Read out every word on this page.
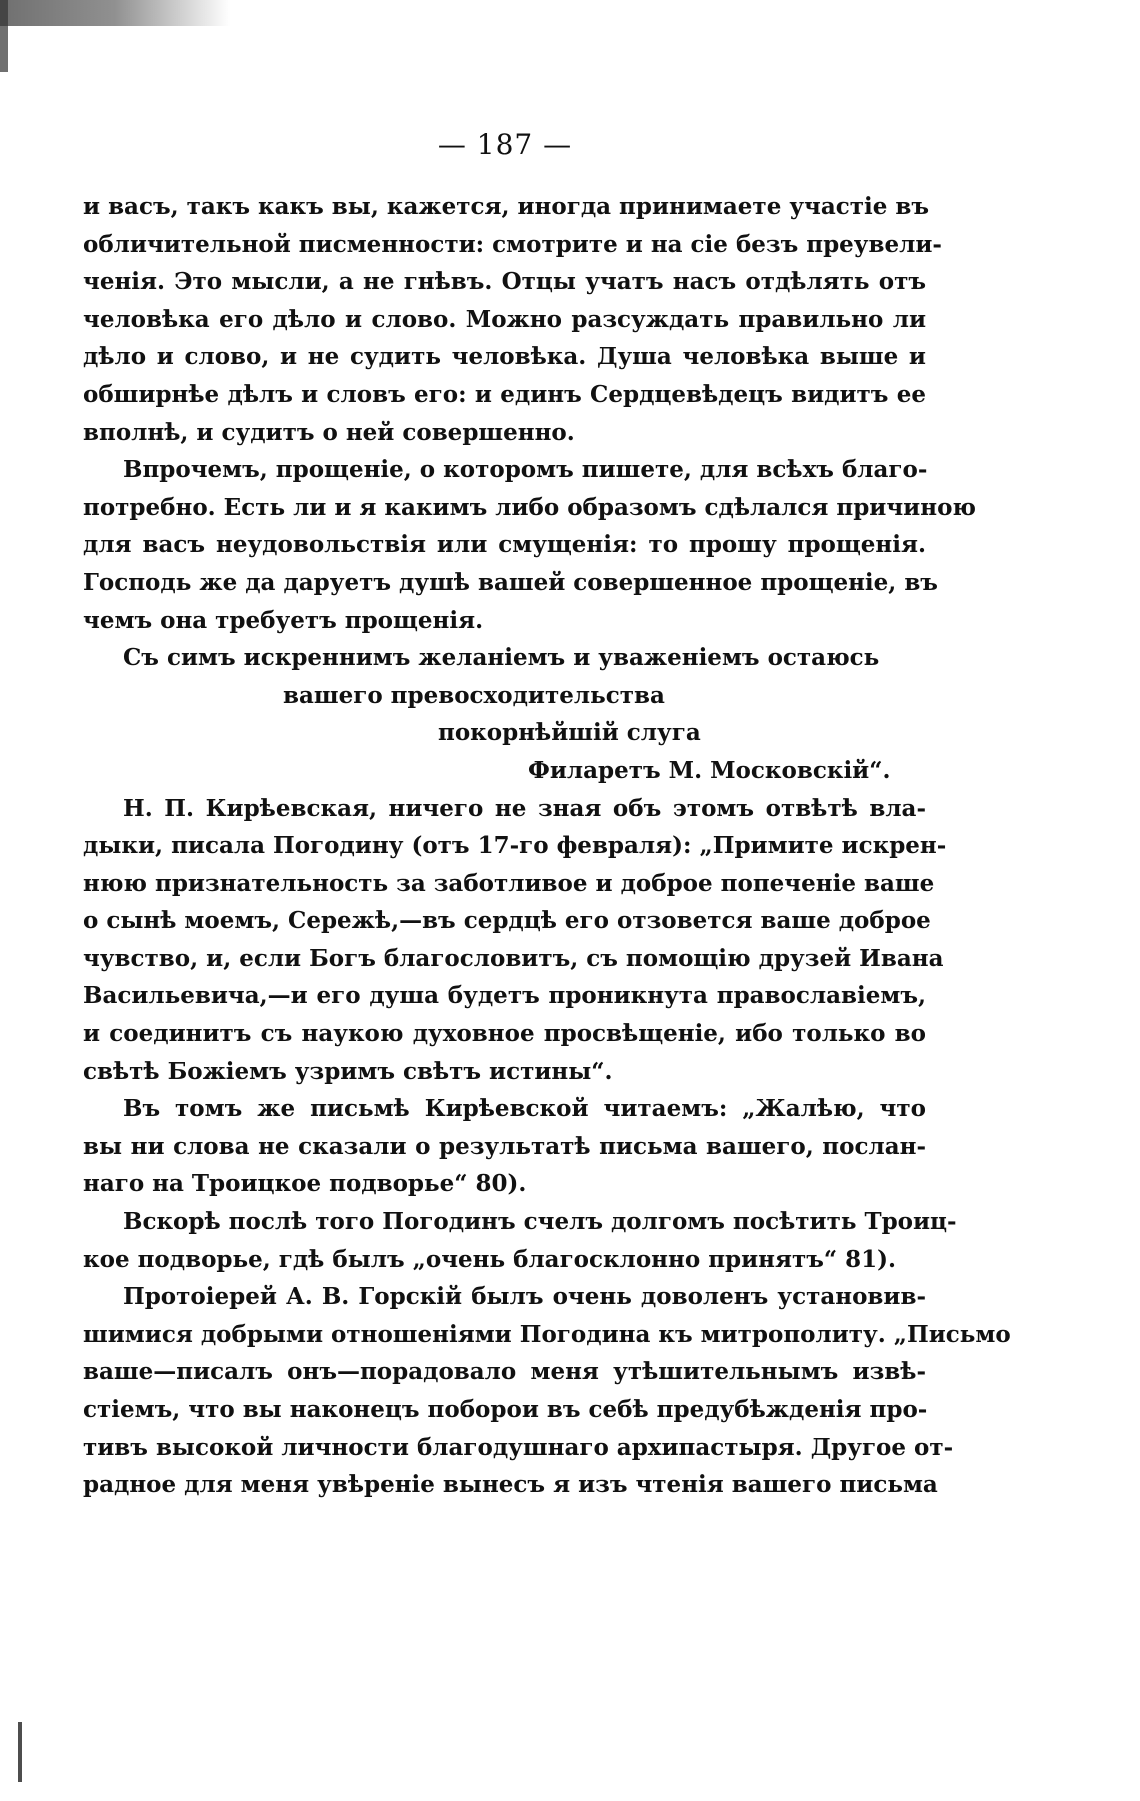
— 187 —
и васъ, такъ какъ вы, кажется, иногда принимаете участіе въ
обличительной писменности: смотрите и на сіе безъ преувели-
ченія. Это мысли, а не гнѣвъ. Отцы учатъ насъ отдѣлять отъ
человѣка его дѣло и слово. Можно разсуждать правильно ли
дѣло и слово, и не судить человѣка. Душа человѣка выше и
обширнѣе дѣлъ и словъ его: и единъ Сердцевѣдецъ видитъ ее
вполнѣ, и судитъ о ней совершенно.
Впрочемъ, прощеніе, о которомъ пишете, для всѣхъ благо-
потребно. Есть ли и я какимъ либо образомъ сдѣлался причиною
для васъ неудовольствія или смущенія: то прошу прощенія.
Господь же да даруетъ душѣ вашей совершенное прощеніе, въ
чемъ она требуетъ прощенія.
Съ симъ искреннимъ желаніемъ и уваженіемъ остаюсь
вашего превосходительства
покорнѣйшій слуга
Филаретъ М. Московскій“.
Н. П. Кирѣевская, ничего не зная объ этомъ отвѣтѣ вла-
дыки, писала Погодину (отъ 17-го февраля): „Примите искрен-
нюю признательность за заботливое и доброе попеченіе ваше
о сынѣ моемъ, Сережѣ,—въ сердцѣ его отзовется ваше доброе
чувство, и, если Богъ благословитъ, съ помощію друзей Ивана
Васильевича,—и его душа будетъ проникнута православіемъ,
и соединитъ съ наукою духовное просвѣщеніе, ибо только во
свѣтѣ Божіемъ узримъ свѣтъ истины“.
Въ томъ же письмѣ Кирѣевской читаемъ: „Жалѣю, что
вы ни слова не сказали о результатѣ письма вашего, послан-
наго на Троицкое подворье“ 80).
Вскорѣ послѣ того Погодинъ счелъ долгомъ посѣтить Троиц-
кое подворье, гдѣ былъ „очень благосклонно принятъ“ 81).
Протоіерей А. В. Горскій былъ очень доволенъ установив-
шимися добрыми отношеніями Погодина къ митрополиту. „Письмо
ваше—писалъ онъ—порадовало меня утѣшительнымъ извѣ-
стіемъ, что вы наконецъ поборои въ себѣ предубѣжденія про-
тивъ высокой личности благодушнаго архипастыря. Другое от-
радное для меня увѣреніе вынесъ я изъ чтенія вашего письма
